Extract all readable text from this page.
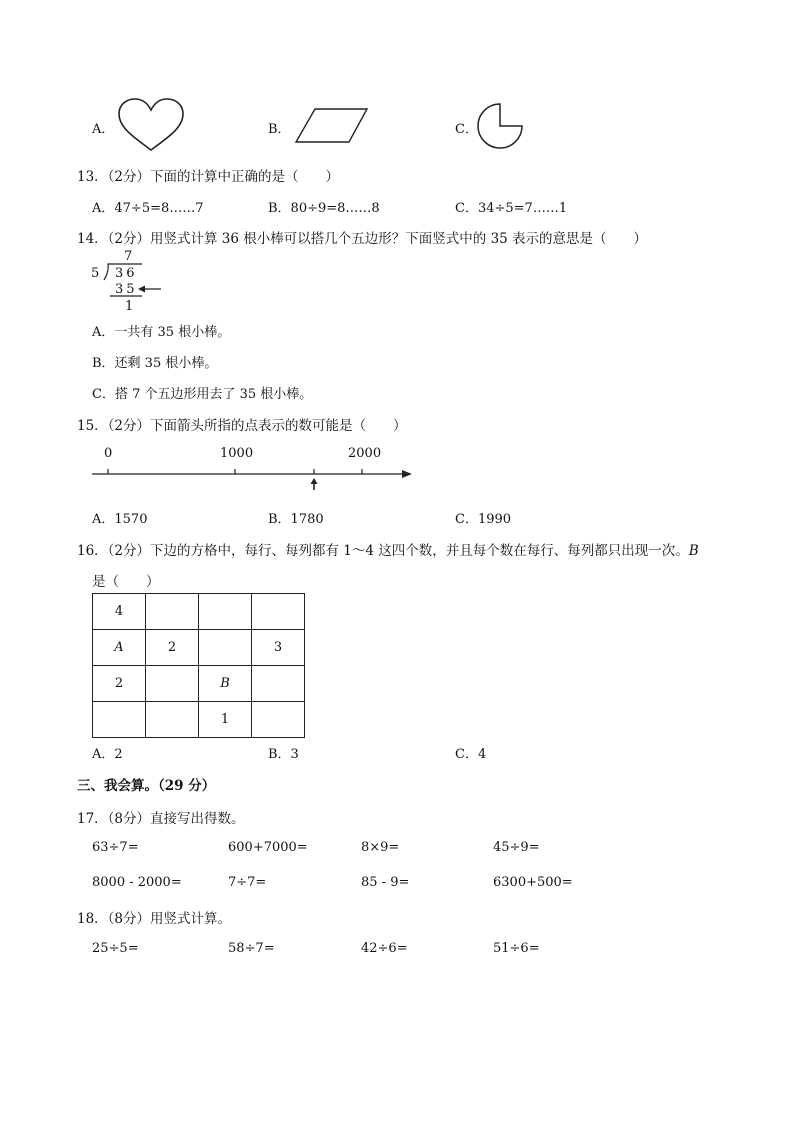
A．	B．	C．
13．（2分）下面的计算中正确的是（　　）
A．47÷5=8……7	B．80÷9=8……8	C．34÷5=7……1
14．（2分）用竖式计算 36 根小棒可以搭几个五边形？下面竖式中的 35 表示的意思是（　　）
7
5 36
35
1
A．一共有 35 根小棒。
B．还剩 35 根小棒。
C．搭 7 个五边形用去了 35 根小棒。
15．（2分）下面箭头所指的点表示的数可能是（　　）
0	1000	2000
A．1570	B．1780	C．1990
16．（2分）下边的方格中，每行、每列都有 1～4 这四个数，并且每个数在每行、每列都只出现一次。B
是（　　）
4			
A	2		3
2		B	
		1	
A．2	B．3	C．4
三、我会算。（29 分）
17．（8分）直接写出得数。
63÷7=	600+7000=	8×9=	45÷9=
8000 - 2000=	7÷7=	85 - 9=	6300+500=
18．（8分）用竖式计算。
25÷5=	58÷7=	42÷6=	51÷6=
